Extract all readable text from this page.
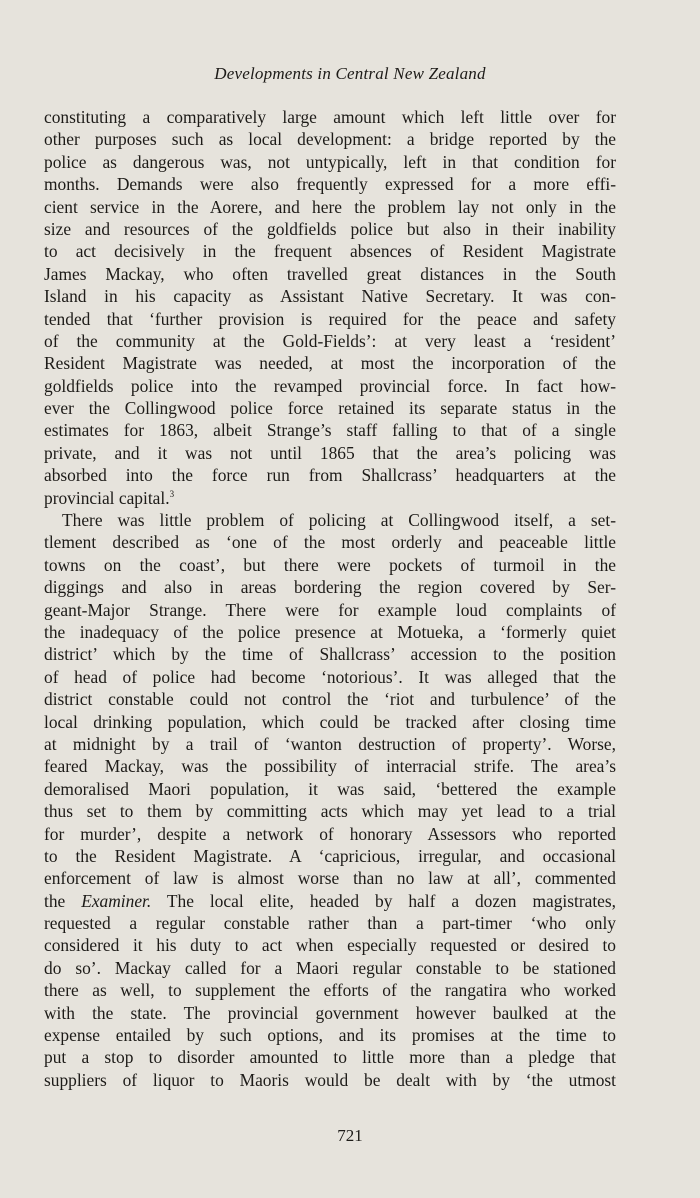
Developments in Central New Zealand
constituting a comparatively large amount which left little over for
other purposes such as local development: a bridge reported by the
police as dangerous was, not untypically, left in that condition for
months. Demands were also frequently expressed for a more effi-
cient service in the Aorere, and here the problem lay not only in the
size and resources of the goldfields police but also in their inability
to act decisively in the frequent absences of Resident Magistrate
James Mackay, who often travelled great distances in the South
Island in his capacity as Assistant Native Secretary. It was con-
tended that ‘further provision is required for the peace and safety
of the community at the Gold-Fields’: at very least a ‘resident’
Resident Magistrate was needed, at most the incorporation of the
goldfields police into the revamped provincial force. In fact how-
ever the Collingwood police force retained its separate status in the
estimates for 1863, albeit Strange’s staff falling to that of a single
private, and it was not until 1865 that the area’s policing was
absorbed into the force run from Shallcrass’ headquarters at the
provincial capital.$^3$
There was little problem of policing at Collingwood itself, a set-
tlement described as ‘one of the most orderly and peaceable little
towns on the coast’, but there were pockets of turmoil in the
diggings and also in areas bordering the region covered by Ser-
geant-Major Strange. There were for example loud complaints of
the inadequacy of the police presence at Motueka, a ‘formerly quiet
district’ which by the time of Shallcrass’ accession to the position
of head of police had become ‘notorious’. It was alleged that the
district constable could not control the ‘riot and turbulence’ of the
local drinking population, which could be tracked after closing time
at midnight by a trail of ‘wanton destruction of property’. Worse,
feared Mackay, was the possibility of interracial strife. The area’s
demoralised Maori population, it was said, ‘bettered the example
thus set to them by committing acts which may yet lead to a trial
for murder’, despite a network of honorary Assessors who reported
to the Resident Magistrate. A ‘capricious, irregular, and occasional
enforcement of law is almost worse than no law at all’, commented
the Examiner. The local elite, headed by half a dozen magistrates,
requested a regular constable rather than a part-timer ‘who only
considered it his duty to act when especially requested or desired to
do so’. Mackay called for a Maori regular constable to be stationed
there as well, to supplement the efforts of the rangatira who worked
with the state. The provincial government however baulked at the
expense entailed by such options, and its promises at the time to
put a stop to disorder amounted to little more than a pledge that
suppliers of liquor to Maoris would be dealt with by ‘the utmost
721
